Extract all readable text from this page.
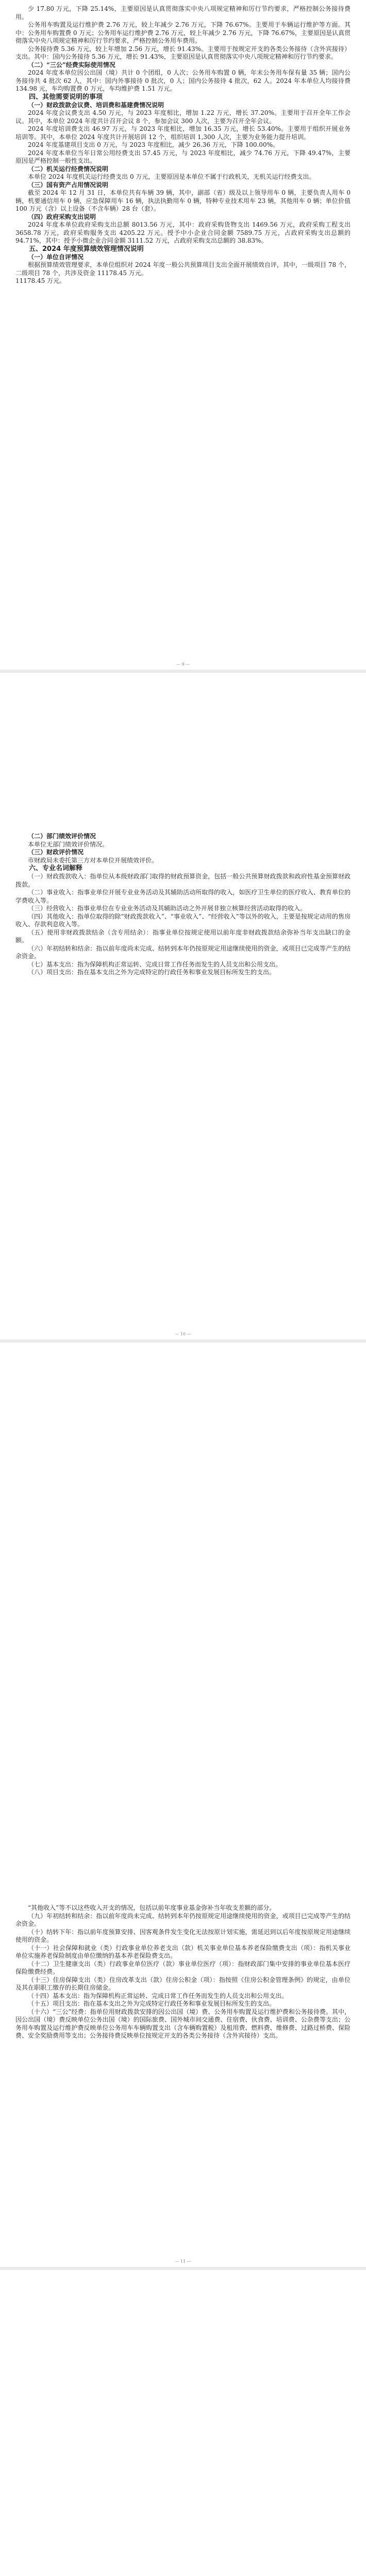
少 17.80 万元，下降 25.14%，主要原因是认真贯彻落实中央八项规定精神和厉行节约要求，严格控制公务接待费用。

公务用车购置及运行维护费 2.76 万元，较上年减少 2.76 万元，下降 76.67%。主要用于车辆运行维护等方面。其中：公务用车购置费 0 万元；公务用车运行维护费 2.76 万元，较上年减少 2.76 万元，下降 76.67%，主要原因是认真贯彻落实中央八项规定精神和厉行节约要求，严格控制公务用车费用。

公务接待费 5.36 万元，较上年增加 2.56 万元，增长 91.43%。主要用于按规定开支的各类公务接待（含外宾接待）支出。其中：国内公务接待 5.36 万元，增长 91.43%，主要原因是认真贯彻落实中央八项规定精神和厉行节约要求。

（二）“三公”经费实际使用情况

2024 年度本单位因公出国（境）共计 0 个团组，0 人次；公务用车购置 0 辆，年末公务用车保有量 35 辆；国内公务接待共 4 批次 62 人，其中：国内外事接待 0 批次，0 人；国内公务接待 4 批次，62 人。2024 年本单位人均接待费 134.98 元，车均购置费 0 万元，车均维护费 1.51 万元。

四、其他需要说明的事项

（一）财政拨款会议费、培训费和基建费情况说明

2024 年度会议费支出 4.50 万元，与 2023 年度相比，增加 1.22 万元，增长 37.20%。主要用于召开全年工作会议。其中，本单位 2024 年度共计召开会议 8 个，参加会议 300 人次，主要为召开全年会议。

2024 年度培训费支出 46.97 万元，与 2023 年度相比，增加 16.35 万元，增长 53.40%。主要用于组织开展业务培训等。其中，本单位 2024 年度共计开展培训 12 个，组织培训 1,300 人次，主要为业务能力提升培训。

2024 年度基建项目支出 0 万元，与 2023 年度相比，减少 26.36 万元，下降 100.00%。

2024 年度本单位当年日常公用经费支出 57.45 万元，与 2023 年度相比，减少 74.76 万元，下降 49.47%，主要原因是严格控制一般性支出。

（二）机关运行经费情况说明

本单位 2024 年度机关运行经费支出 0 万元，主要原因是本单位不属于行政机关，无机关运行经费支出。

（三）国有资产占用情况说明

截至 2024 年 12 月 31 日，本单位共有车辆 39 辆，其中，副部（省）级及以上领导用车 0 辆，主要负责人用车 0 辆，机要通信用车 0 辆，应急保障用车 16 辆，执法执勤用车 0 辆，特种专业技术用车 23 辆，其他用车 0 辆；单位价值 100 万元（含）以上设备（不含车辆）28 台（套）。

（四）政府采购支出说明

2024 年度本单位政府采购支出总额 8013.56 万元，其中：政府采购货物支出 1469.56 万元，政府采购工程支出 3658.78 万元，政府采购服务支出 4205.22 万元。授予中小企业合同金额 7589.75 万元，占政府采购支出总额的 94.71%，其中：授予小微企业合同金额 3111.52 万元，占政府采购支出总额的 38.83%。

五、2024 年度预算绩效管理情况说明

（一）单位自评情况

根据预算绩效管理要求，本单位组织对 2024 年度一般公共预算项目支出全面开展绩效自评，其中，一级项目 78 个，二级项目 78 个，共涉及资金 11178.45 万元。

11178.45 万元。

— 9 —

（二）部门绩效评价情况

本单位无部门绩效评价情况。

（三）财政评价情况

市财政局未委托第三方对本单位开展绩效评价。

六、专业名词解释

（一）财政拨款收入：指单位从本级财政部门取得的财政预算资金，包括一般公共预算财政拨款和政府性基金预算财政拨款。

（二）事业收入：指事业单位开展专业业务活动及其辅助活动所取得的收入，如医疗卫生单位的医疗收入、教育单位的学费收入等。

（三）经营收入：指事业单位在专业业务活动及其辅助活动之外开展非独立核算经营活动取得的收入。

（四）其他收入：指单位取得的除“财政拨款收入”、“事业收入”、“经营收入”等以外的收入，主要是按规定动用的售房收入、存款利息收入等。

（五）使用非财政拨款结余（含专用结余）：指事业单位按规定使用以前年度非财政拨款结余弥补当年支出缺口的金额。

（六）年初结转和结余：指以前年度尚未完成、结转到本年仍按原规定用途继续使用的资金，或项目已完成等产生的结余资金。

（七）基本支出：指为保障机构正常运转、完成日常工作任务而发生的人员支出和公用支出。

（八）项目支出：指在基本支出之外为完成特定的行政任务和事业发展目标所发生的支出。

— 10 —

“其他收入”等不以这些收入开支的情况，包括以前年度事业基金弥补当年收支差额的部分。

（九）年初结转和结余：指以前年度尚未完成、结转到本年仍按原规定用途继续使用的资金，或项目已完成等产生的结余资金。

（十）结转下年：指以前年度预算安排、因客观条件发生变化无法按原计划实施，需延迟到以后年度按原规定用途继续使用的资金。

（十一）社会保障和就业（类）行政事业单位养老支出（款）机关事业单位基本养老保险缴费支出（项）：指机关事业单位实施养老保险制度由单位缴纳的基本养老保险费支出。

（十二）卫生健康支出（类）行政事业单位医疗（款）事业单位医疗（项）：指财政部门集中安排的事业单位基本医疗保险缴费经费。

（十三）住房保障支出（类）住房改革支出（款）住房公积金（项）：指按照《住房公积金管理条例》的规定，由单位及其在职职工缴存的长期住房储金。

（十四）基本支出：指为保障机构正常运转、完成日常工作任务而发生的人员支出和公用支出。

（十五）项目支出：指在基本支出之外为完成特定行政任务和事业发展目标所发生的支出。

（十六）“三公”经费：指单位用财政拨款安排的因公出国（境）费、公务用车购置及运行维护费和公务接待费。其中，因公出国（境）费反映单位公务出国（境）的国际旅费、国外城市间交通费、住宿费、伙食费、培训费、公杂费等支出；公务用车购置及运行维护费反映单位公务用车车辆购置支出（含车辆购置税）及租用费、燃料费、维修费、过路过桥费、保险费、安全奖励费用等支出；公务接待费反映单位按规定开支的各类公务接待（含外宾接待）支出。

— 11 —
